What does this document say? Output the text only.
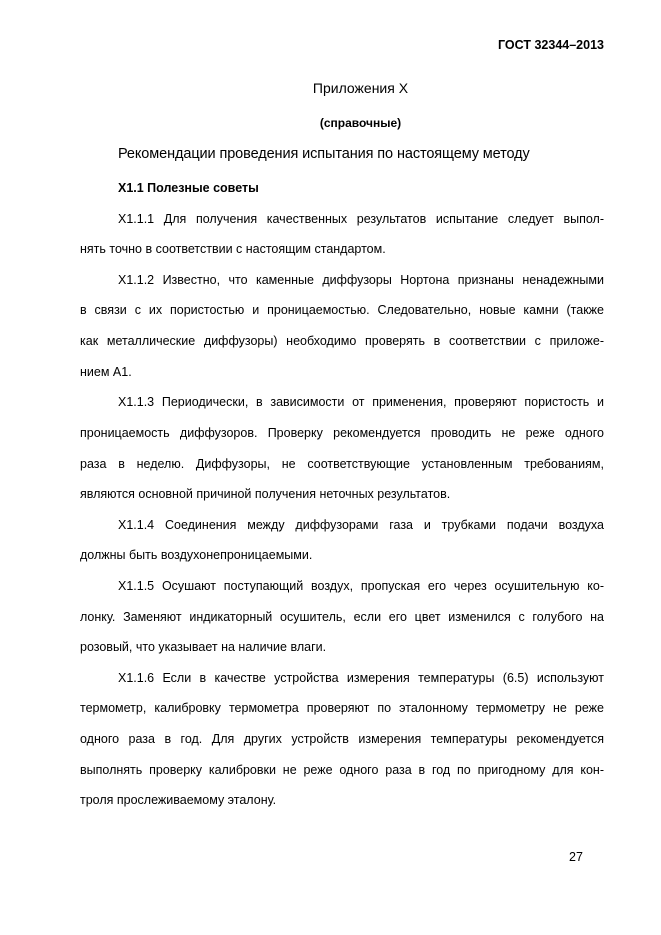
ГОСТ 32344–2013
Приложения Х
(справочные)
Рекомендации проведения испытания по настоящему методу
Х1.1 Полезные советы
Х1.1.1 Для получения качественных результатов испытание следует выпол-
нять точно в соответствии с настоящим стандартом.
Х1.1.2 Известно, что каменные диффузоры Нортона признаны ненадежными
в связи с их пористостью и проницаемостью. Следовательно, новые камни (также
как металлические диффузоры) необходимо проверять в соответствии с приложе-
нием А1.
Х1.1.3 Периодически, в зависимости от применения, проверяют пористость и
проницаемость диффузоров. Проверку рекомендуется проводить не реже одного
раза в неделю. Диффузоры, не соответствующие установленным требованиям,
являются основной причиной получения неточных результатов.
Х1.1.4 Соединения между диффузорами газа и трубками подачи воздуха
должны быть воздухонепроницаемыми.
Х1.1.5 Осушают поступающий воздух, пропуская его через осушительную ко-
лонку. Заменяют индикаторный осушитель, если его цвет изменился с голубого на
розовый, что указывает на наличие влаги.
Х1.1.6 Если в качестве устройства измерения температуры (6.5) используют
термометр, калибровку термометра проверяют по эталонному термометру не реже
одного раза в год. Для других устройств измерения температуры рекомендуется
выполнять проверку калибровки не реже одного раза в год по пригодному для кон-
троля прослеживаемому эталону.
27
